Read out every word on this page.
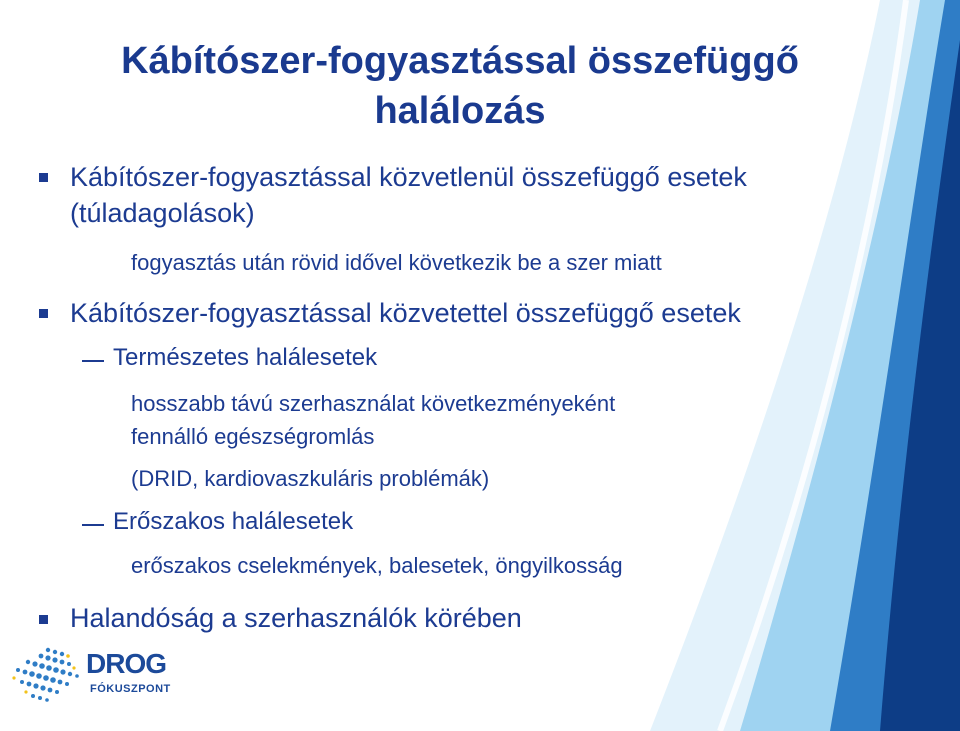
Kábítószer-fogyasztással összefüggő
halálozás
Kábítószer-fogyasztással közvetlenül összefüggő esetek
(túladagolások)
fogyasztás után rövid idővel következik be a szer miatt
Kábítószer-fogyasztással közvetettel összefüggő esetek
Természetes halálesetek
hosszabb távú szerhasználat következményeként
fennálló egészségromlás
(DRID, kardiovaszkuláris problémák)
Erőszakos halálesetek
erőszakos cselekmények, balesetek, öngyilkosság
Halandóság a szerhasználók körében
DROG
FÓKUSZPONT
